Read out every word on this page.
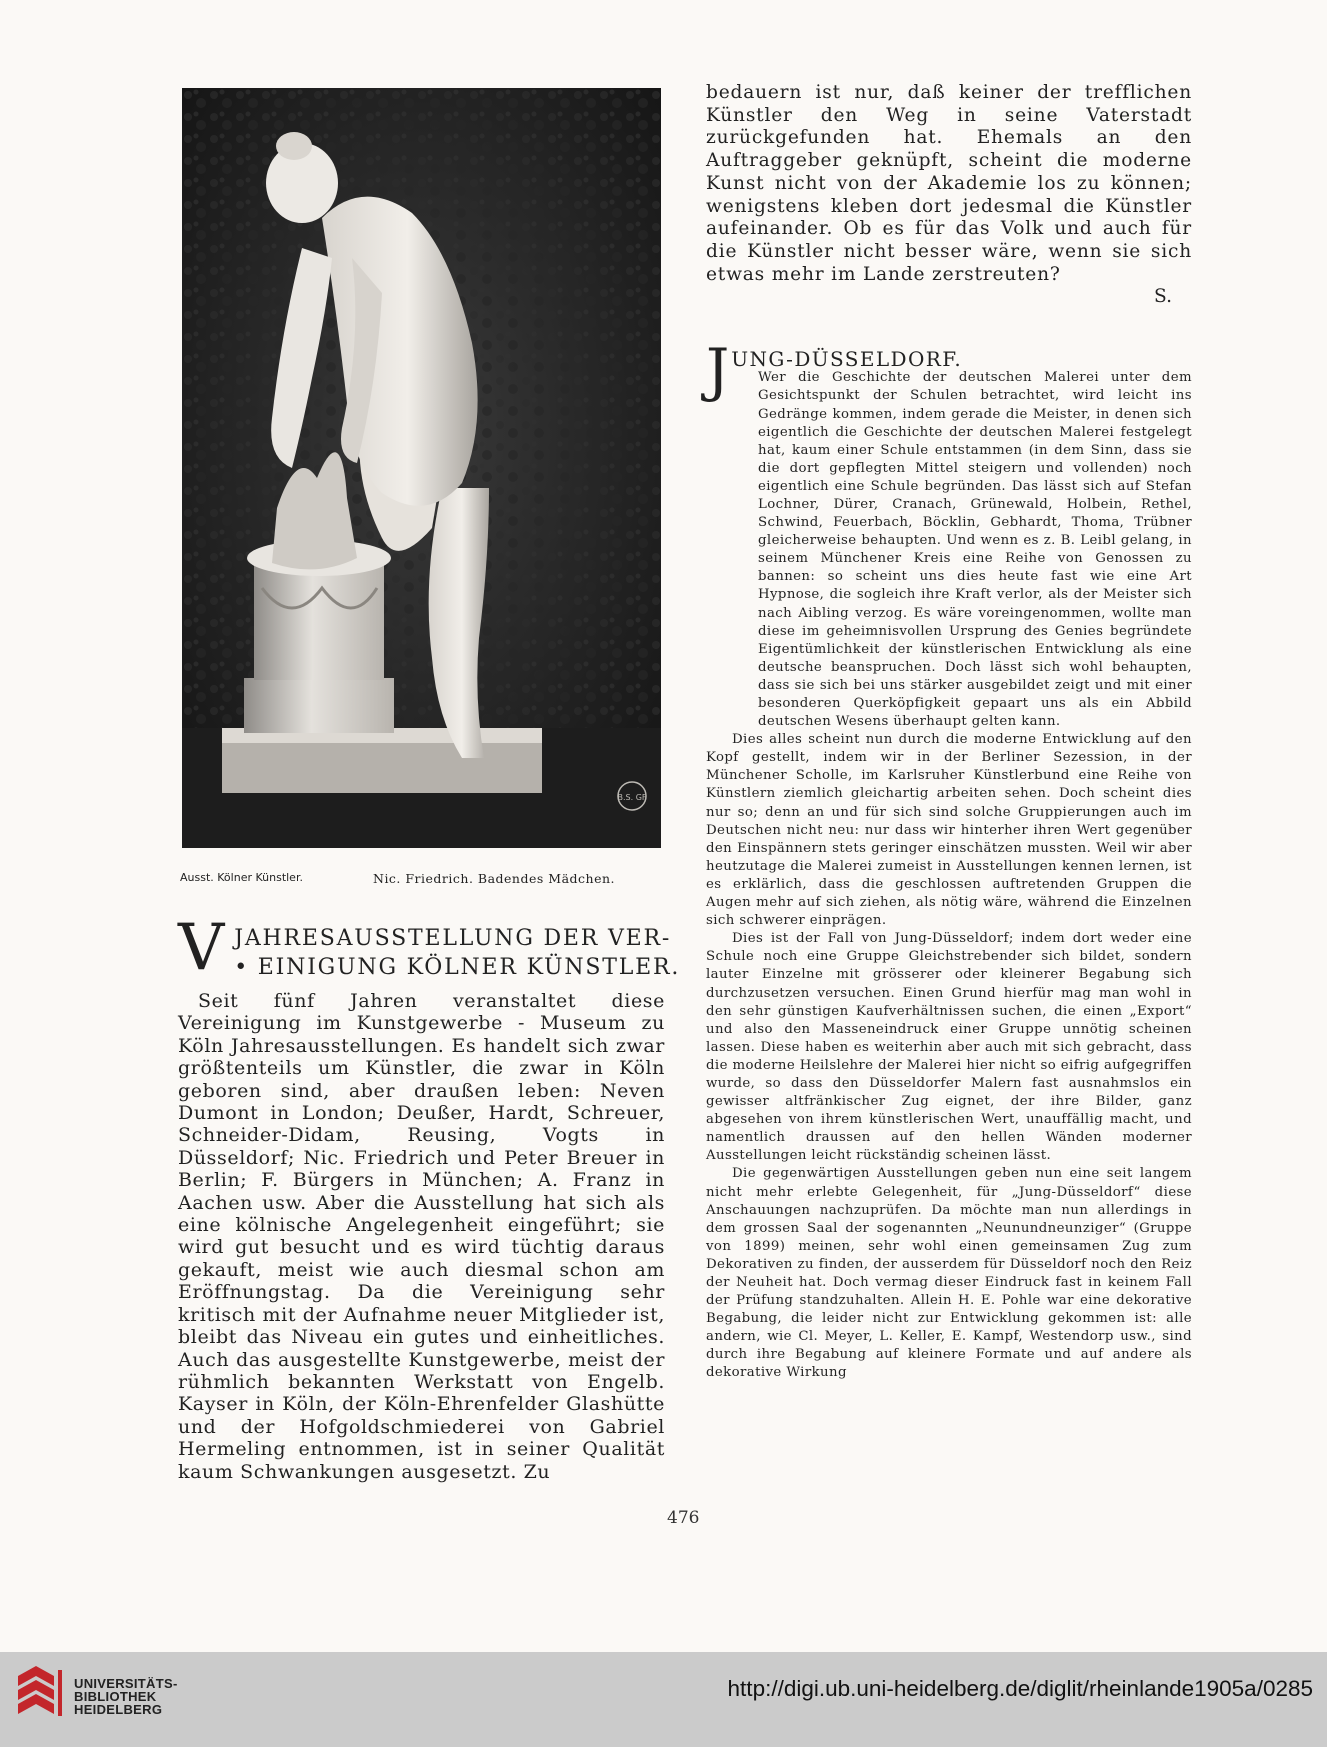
B.S. GF
Ausst. Kölner Künstler.	Nic. Friedrich. Badendes Mädchen.
V JAHRESAUSSTELLUNG DER VER-
• EINIGUNG KÖLNER KÜNSTLER.

Seit fünf Jahren veranstaltet diese Vereinigung im Kunstgewerbe - Museum zu Köln Jahresausstellungen. Es handelt sich zwar größtenteils um Künstler, die zwar in Köln geboren sind, aber draußen leben: Neven Dumont in London; Deußer, Hardt, Schreuer, Schneider-Didam, Reusing, Vogts in Düsseldorf; Nic. Friedrich und Peter Breuer in Berlin; F. Bürgers in München; A. Franz in Aachen usw. Aber die Ausstellung hat sich als eine kölnische Angelegenheit eingeführt; sie wird gut besucht und es wird tüchtig daraus gekauft, meist wie auch diesmal schon am Eröffnungstag. Da die Vereinigung sehr kritisch mit der Aufnahme neuer Mitglieder ist, bleibt das Niveau ein gutes und einheitliches. Auch das ausgestellte Kunstgewerbe, meist der rühmlich bekannten Werkstatt von Engelb. Kayser in Köln, der Köln-Ehrenfelder Glashütte und der Hofgoldschmiederei von Gabriel Hermeling entnommen, ist in seiner Qualität kaum Schwankungen ausgesetzt. Zu

bedauern ist nur, daß keiner der trefflichen Künstler den Weg in seine Vaterstadt zurückgefunden hat. Ehemals an den Auftraggeber geknüpft, scheint die moderne Kunst nicht von der Akademie los zu können; wenigstens kleben dort jedesmal die Künstler aufeinander. Ob es für das Volk und auch für die Künstler nicht besser wäre, wenn sie sich etwas mehr im Lande zerstreuten?

S.

J UNG-DÜSSELDORF.

Wer die Geschichte der deutschen Malerei unter dem Gesichtspunkt der Schulen betrachtet, wird leicht ins Gedränge kommen, indem gerade die Meister, in denen sich eigentlich die Geschichte der deutschen Malerei festgelegt hat, kaum einer Schule entstammen (in dem Sinn, dass sie die dort gepflegten Mittel steigern und vollenden) noch eigentlich eine Schule begründen. Das lässt sich auf Stefan Lochner, Dürer, Cranach, Grünewald, Holbein, Rethel, Schwind, Feuerbach, Böcklin, Gebhardt, Thoma, Trübner gleicherweise behaupten. Und wenn es z. B. Leibl gelang, in seinem Münchener Kreis eine Reihe von Genossen zu bannen: so scheint uns dies heute fast wie eine Art Hypnose, die sogleich ihre Kraft verlor, als der Meister sich nach Aibling verzog. Es wäre voreingenommen, wollte man diese im geheimnisvollen Ursprung des Genies begründete Eigentümlichkeit der künstlerischen Entwicklung als eine deutsche beanspruchen. Doch lässt sich wohl behaupten, dass sie sich bei uns stärker ausgebildet zeigt und mit einer besonderen Querköpfigkeit gepaart uns als ein Abbild deutschen Wesens überhaupt gelten kann.

Dies alles scheint nun durch die moderne Entwicklung auf den Kopf gestellt, indem wir in der Berliner Sezession, in der Münchener Scholle, im Karlsruher Künstlerbund eine Reihe von Künstlern ziemlich gleichartig arbeiten sehen. Doch scheint dies nur so; denn an und für sich sind solche Gruppierungen auch im Deutschen nicht neu: nur dass wir hinterher ihren Wert gegenüber den Einspännern stets geringer einschätzen mussten. Weil wir aber heutzutage die Malerei zumeist in Ausstellungen kennen lernen, ist es erklärlich, dass die geschlossen auftretenden Gruppen die Augen mehr auf sich ziehen, als nötig wäre, während die Einzelnen sich schwerer einprägen.

Dies ist der Fall von Jung-Düsseldorf; indem dort weder eine Schule noch eine Gruppe Gleichstrebender sich bildet, sondern lauter Einzelne mit grösserer oder kleinerer Begabung sich durchzusetzen versuchen. Einen Grund hierfür mag man wohl in den sehr günstigen Kaufverhältnissen suchen, die einen „Export“ und also den Masseneindruck einer Gruppe unnötig scheinen lassen. Diese haben es weiterhin aber auch mit sich gebracht, dass die moderne Heilslehre der Malerei hier nicht so eifrig aufgegriffen wurde, so dass den Düsseldorfer Malern fast ausnahmslos ein gewisser altfränkischer Zug eignet, der ihre Bilder, ganz abgesehen von ihrem künstlerischen Wert, unauffällig macht, und namentlich draussen auf den hellen Wänden moderner Ausstellungen leicht rückständig scheinen lässt.

Die gegenwärtigen Ausstellungen geben nun eine seit langem nicht mehr erlebte Gelegenheit, für „Jung-Düsseldorf“ diese Anschauungen nachzuprüfen. Da möchte man nun allerdings in dem grossen Saal der sogenannten „Neunundneunziger“ (Gruppe von 1899) meinen, sehr wohl einen gemeinsamen Zug zum Dekorativen zu finden, der ausserdem für Düsseldorf noch den Reiz der Neuheit hat. Doch vermag dieser Eindruck fast in keinem Fall der Prüfung standzuhalten. Allein H. E. Pohle war eine dekorative Begabung, die leider nicht zur Entwicklung gekommen ist: alle andern, wie Cl. Meyer, L. Keller, E. Kampf, Westendorp usw., sind durch ihre Begabung auf kleinere Formate und auf andere als dekorative Wirkung

476
UNIVERSITÄTS-
BIBLIOTHEK
HEIDELBERG
http://digi.ub.uni-heidelberg.de/diglit/rheinlande1905a/0285
